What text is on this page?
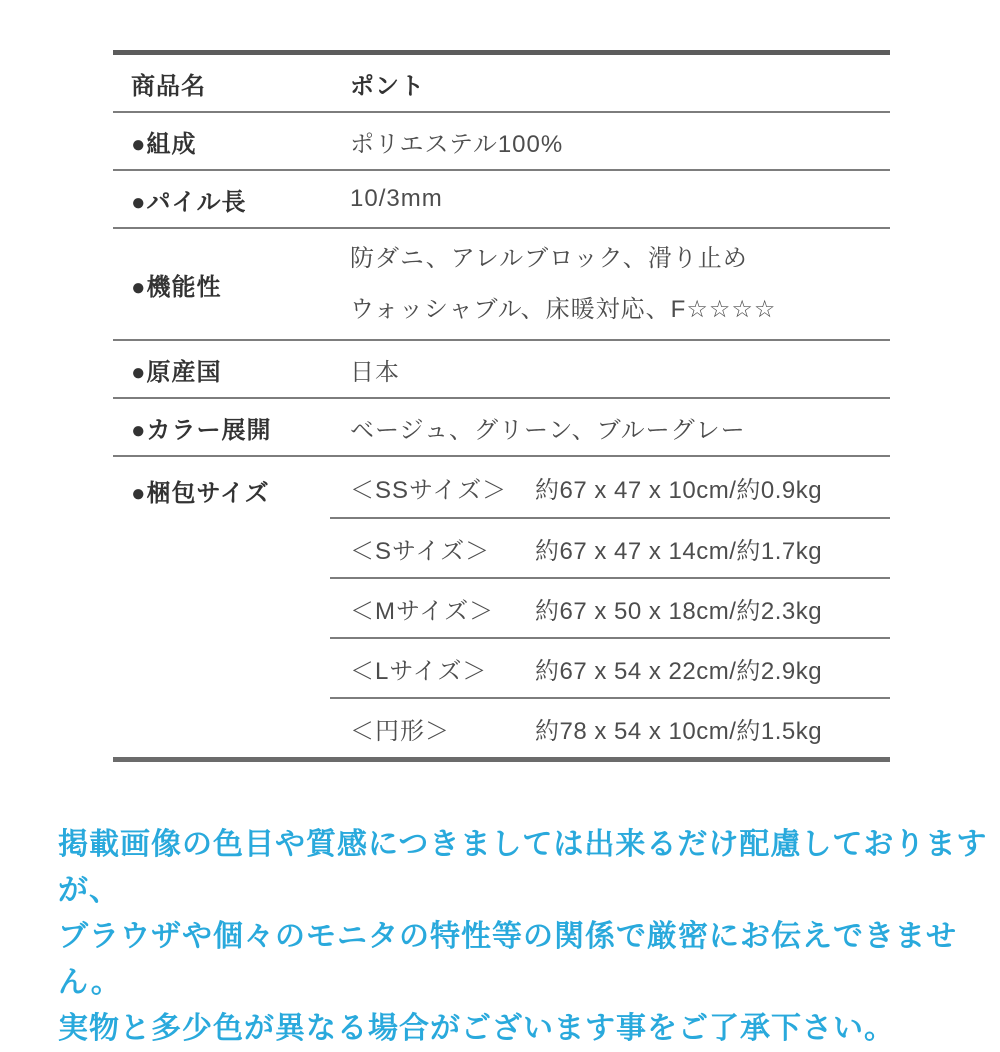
商品名	ポント
●組成	ポリエステル100%
●パイル長	10/3mm
●機能性
防ダニ、アレルブロック、滑り止め
ウォッシャブル、床暖対応、F☆☆☆☆
●原産国	日本
●カラー展開	ベージュ、グリーン、ブルーグレー
●梱包サイズ	＜SSサイズ＞	約67 x 47 x 10cm/約0.9kg
＜Sサイズ＞	約67 x 47 x 14cm/約1.7kg
＜Mサイズ＞	約67 x 50 x 18cm/約2.3kg
＜Lサイズ＞	約67 x 54 x 22cm/約2.9kg
＜円形＞	約78 x 54 x 10cm/約1.5kg
掲載画像の色目や質感につきましては出来るだけ配慮しておりますが、
ブラウザや個々のモニタの特性等の関係で厳密にお伝えできません。
実物と多少色が異なる場合がございます事をご了承下さい。
